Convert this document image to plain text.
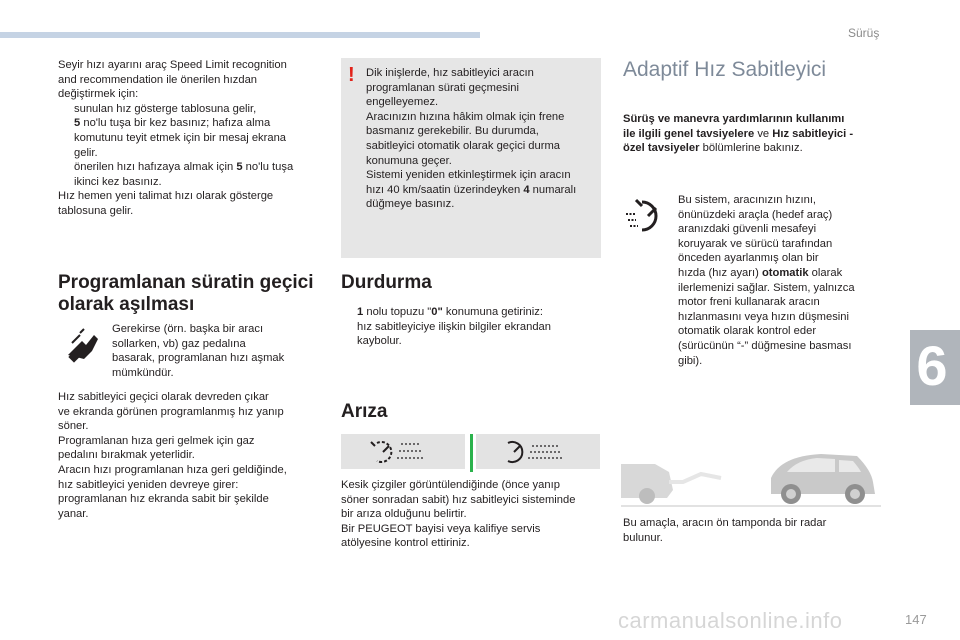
Sürüş
6
147
carmanualsonline.info
Seyir hızı ayarını araç Speed Limit recognition
and recommendation ile önerilen hızdan
değiştirmek için:
sunulan hız gösterge tablosuna gelir,
5 no'lu tuşa bir kez basınız; hafıza alma
komutunu teyit etmek için bir mesaj ekrana
gelir.
önerilen hızı hafızaya almak için 5 no'lu tuşa
ikinci kez basınız.
Hız hemen yeni talimat hızı olarak gösterge
tablosuna gelir.
Programlanan süratin geçici
olarak aşılması
Gerekirse (örn. başka bir aracı
sollarken, vb) gaz pedalına
basarak, programlanan hızı aşmak
mümkündür.
Hız sabitleyici geçici olarak devreden çıkar
ve ekranda görünen programlanmış hız yanıp
söner.
Programlanan hıza geri gelmek için gaz
pedalını bırakmak yeterlidir.
Aracın hızı programlanan hıza geri geldiğinde,
hız sabitleyici yeniden devreye girer:
programlanan hız ekranda sabit bir şekilde
yanar.
! Dik inişlerde, hız sabitleyici aracın
programlanan sürati geçmesini
engelleyemez.
Aracınızın hızına hâkim olmak için frene
basmanız gerekebilir. Bu durumda,
sabitleyici otomatik olarak geçici durma
konumuna geçer.
Sistemi yeniden etkinleştirmek için aracın
hızı 40 km/saatin üzerindeyken 4 numaralı
düğmeye basınız.
Durdurma
1 nolu topuzu "0" konumuna getiriniz:
hız sabitleyiciye ilişkin bilgiler ekrandan
kaybolur.
Arıza
Kesik çizgiler görüntülendiğinde (önce yanıp
söner sonradan sabit) hız sabitleyici sisteminde
bir arıza olduğunu belirtir.
Bir PEUGEOT bayisi veya kalifiye servis
atölyesine kontrol ettiriniz.
Adaptif Hız Sabitleyici
Sürüş ve manevra yardımlarının kullanımı
ile ilgili genel tavsiyelere ve Hız sabitleyici -
özel tavsiyeler bölümlerine bakınız.
Bu sistem, aracınızın hızını,
önünüzdeki araçla (hedef araç)
aranızdaki güvenli mesafeyi
koruyarak ve sürücü tarafından
önceden ayarlanmış olan bir
hızda (hız ayarı) otomatik olarak
ilerlemenizi sağlar. Sistem, yalnızca
motor freni kullanarak aracın
hızlanmasını veya hızın düşmesini
otomatik olarak kontrol eder
(sürücünün “-” düğmesine basması
gibi).
Bu amaçla, aracın ön tamponda bir radar
bulunur.
